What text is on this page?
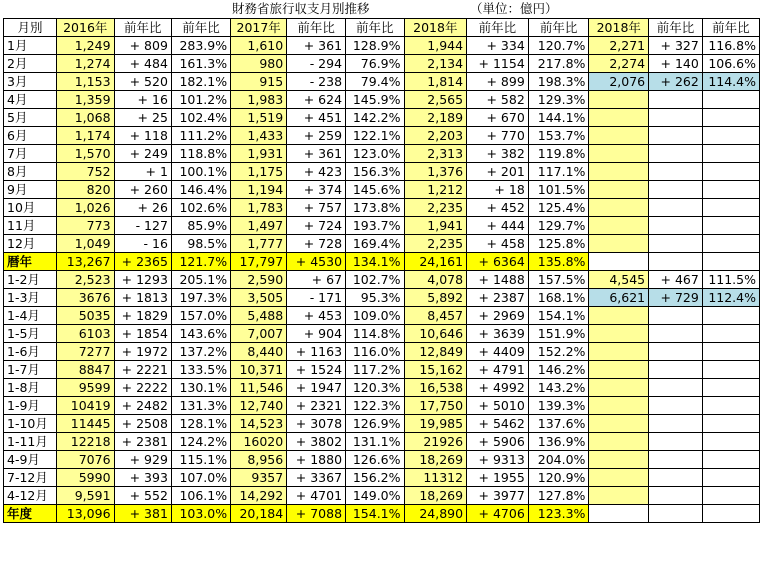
財務省旅行収支月別推移	（単位：億円）
月別	2016年	前年比	前年比	2017年	前年比	前年比	2018年	前年比	前年比	2018年	前年比	前年比
1月	1,249	+ 809	283.9%	1,610	+ 361	128.9%	1,944	+ 334	120.7%	2,271	+ 327	116.8%
2月	1,274	+ 484	161.3%	980	- 294	76.9%	2,134	+ 1154	217.8%	2,274	+ 140	106.6%
3月	1,153	+ 520	182.1%	915	- 238	79.4%	1,814	+ 899	198.3%	2,076	+ 262	114.4%
4月	1,359	+ 16	101.2%	1,983	+ 624	145.9%	2,565	+ 582	129.3%			
5月	1,068	+ 25	102.4%	1,519	+ 451	142.2%	2,189	+ 670	144.1%			
6月	1,174	+ 118	111.2%	1,433	+ 259	122.1%	2,203	+ 770	153.7%			
7月	1,570	+ 249	118.8%	1,931	+ 361	123.0%	2,313	+ 382	119.8%			
8月	752	+ 1	100.1%	1,175	+ 423	156.3%	1,376	+ 201	117.1%			
9月	820	+ 260	146.4%	1,194	+ 374	145.6%	1,212	+ 18	101.5%			
10月	1,026	+ 26	102.6%	1,783	+ 757	173.8%	2,235	+ 452	125.4%			
11月	773	- 127	85.9%	1,497	+ 724	193.7%	1,941	+ 444	129.7%			
12月	1,049	- 16	98.5%	1,777	+ 728	169.4%	2,235	+ 458	125.8%			
暦年	13,267	+ 2365	121.7%	17,797	+ 4530	134.1%	24,161	+ 6364	135.8%			
1-2月	2,523	+ 1293	205.1%	2,590	+ 67	102.7%	4,078	+ 1488	157.5%	4,545	+ 467	111.5%
1-3月	3676	+ 1813	197.3%	3,505	- 171	95.3%	5,892	+ 2387	168.1%	6,621	+ 729	112.4%
1-4月	5035	+ 1829	157.0%	5,488	+ 453	109.0%	8,457	+ 2969	154.1%			
1-5月	6103	+ 1854	143.6%	7,007	+ 904	114.8%	10,646	+ 3639	151.9%			
1-6月	7277	+ 1972	137.2%	8,440	+ 1163	116.0%	12,849	+ 4409	152.2%			
1-7月	8847	+ 2221	133.5%	10,371	+ 1524	117.2%	15,162	+ 4791	146.2%			
1-8月	9599	+ 2222	130.1%	11,546	+ 1947	120.3%	16,538	+ 4992	143.2%			
1-9月	10419	+ 2482	131.3%	12,740	+ 2321	122.3%	17,750	+ 5010	139.3%			
1-10月	11445	+ 2508	128.1%	14,523	+ 3078	126.9%	19,985	+ 5462	137.6%			
1-11月	12218	+ 2381	124.2%	16020	+ 3802	131.1%	21926	+ 5906	136.9%			
4-9月	7076	+ 929	115.1%	8,956	+ 1880	126.6%	18,269	+ 9313	204.0%			
7-12月	5990	+ 393	107.0%	9357	+ 3367	156.2%	11312	+ 1955	120.9%			
4-12月	9,591	+ 552	106.1%	14,292	+ 4701	149.0%	18,269	+ 3977	127.8%			
年度	13,096	+ 381	103.0%	20,184	+ 7088	154.1%	24,890	+ 4706	123.3%			
